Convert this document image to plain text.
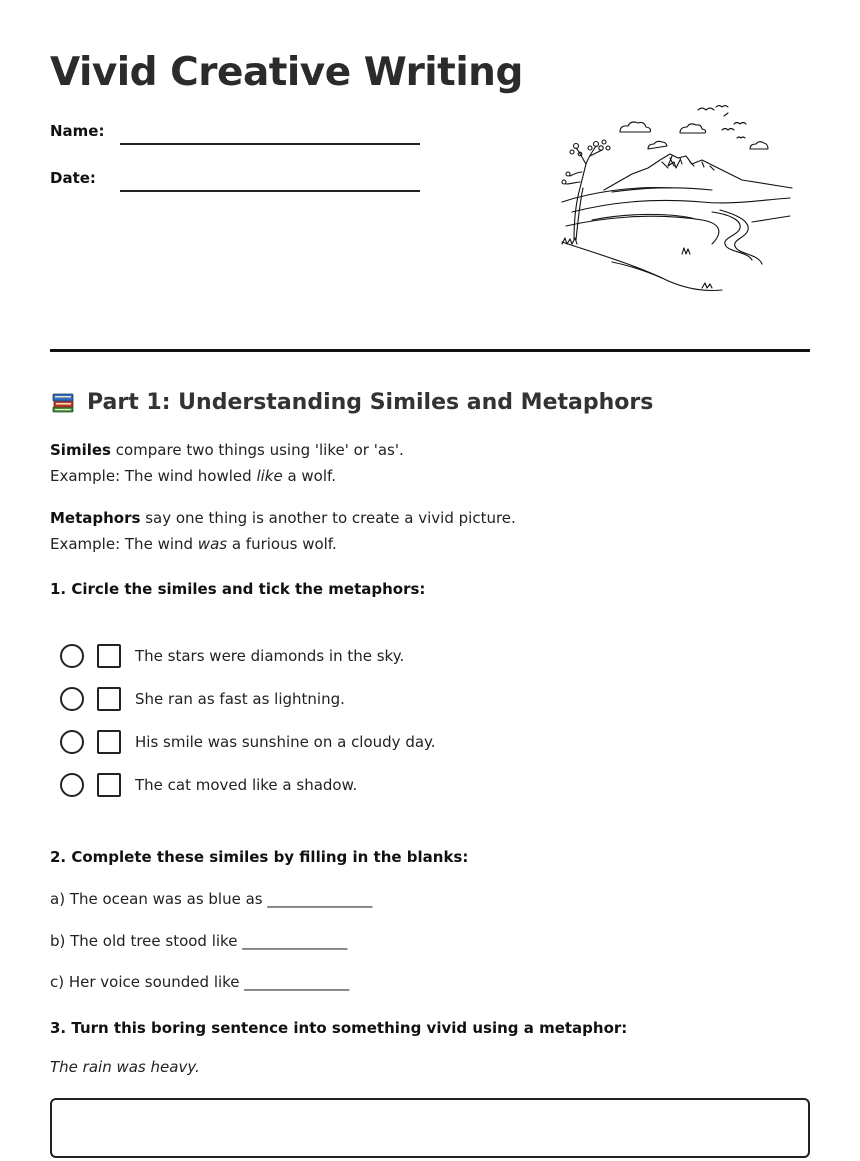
Vivid Creative Writing
Name:
Date:
Part 1: Understanding Similes and Metaphors
Similes compare two things using 'like' or 'as'.
Example: The wind howled like a wolf.
Metaphors say one thing is another to create a vivid picture.
Example: The wind was a furious wolf.
1. Circle the similes and tick the metaphors:
The stars were diamonds in the sky.
She ran as fast as lightning.
His smile was sunshine on a cloudy day.
The cat moved like a shadow.
2. Complete these similes by filling in the blanks:
a) The ocean was as blue as ______________
b) The old tree stood like ______________
c) Her voice sounded like ______________
3. Turn this boring sentence into something vivid using a metaphor:
The rain was heavy.
